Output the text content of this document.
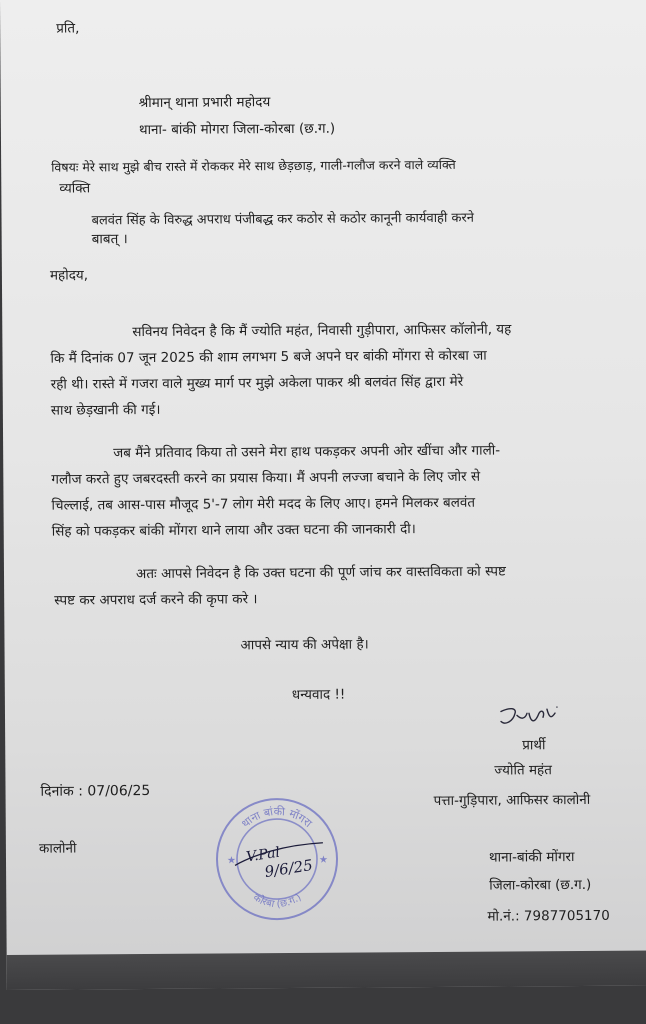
प्रति,
श्रीमान् थाना प्रभारी महोदय
थाना- बांकी मोगरा जिला-कोरबा (छ.ग.)
विषयः मेरे साथ मुझे बीच रास्ते में रोककर मेरे साथ छेड़छाड़, गाली-गलौज करने वाले व्यक्ति
व्यक्ति
बलवंत सिंह के विरुद्ध अपराध पंजीबद्ध कर कठोर से कठोर कानूनी कार्यवाही करने
बाबत् ।
महोदय,
सविनय निवेदन है कि मैं ज्योति महंत, निवासी गुड़ीपारा, आफिसर कॉलोनी, यह
कि मैं दिनांक 07 जून 2025 की शाम लगभग 5 बजे अपने घर बांकी मोंगरा से कोरबा जा
रही थी। रास्ते में गजरा वाले मुख्य मार्ग पर मुझे अकेला पाकर श्री बलवंत सिंह द्वारा मेरे
साथ छेड़खानी की गई।
जब मैंने प्रतिवाद किया तो उसने मेरा हाथ पकड़कर अपनी ओर खींचा और गाली-
गलौज करते हुए जबरदस्ती करने का प्रयास किया। मैं अपनी लज्जा बचाने के लिए जोर से
चिल्लाई, तब आस-पास मौजूद 5'-7 लोग मेरी मदद के लिए आए। हमने मिलकर बलवंत
सिंह को पकड़कर बांकी मोंगरा थाने लाया और उक्त घटना की जानकारी दी।
अतः आपसे निवेदन है कि उक्त घटना की पूर्ण जांच कर वास्तविकता को स्पष्ट
स्पष्ट कर अपराध दर्ज करने की कृपा करे ।
आपसे न्याय की अपेक्षा है।
धन्यवाद !!
प्रार्थी
ज्योति महंत
पत्ता-गुड़िपारा, आफिसर कालोनी
दिनांक : 07/06/25
कालोनी
थाना-बांकी मोंगरा
जिला-कोरबा (छ.ग.)
मो.नं.: 7987705170
थाना बांकी मोंगरा
कोरबा (छ.ग.)
★	★
V.Pal
9/6/25
